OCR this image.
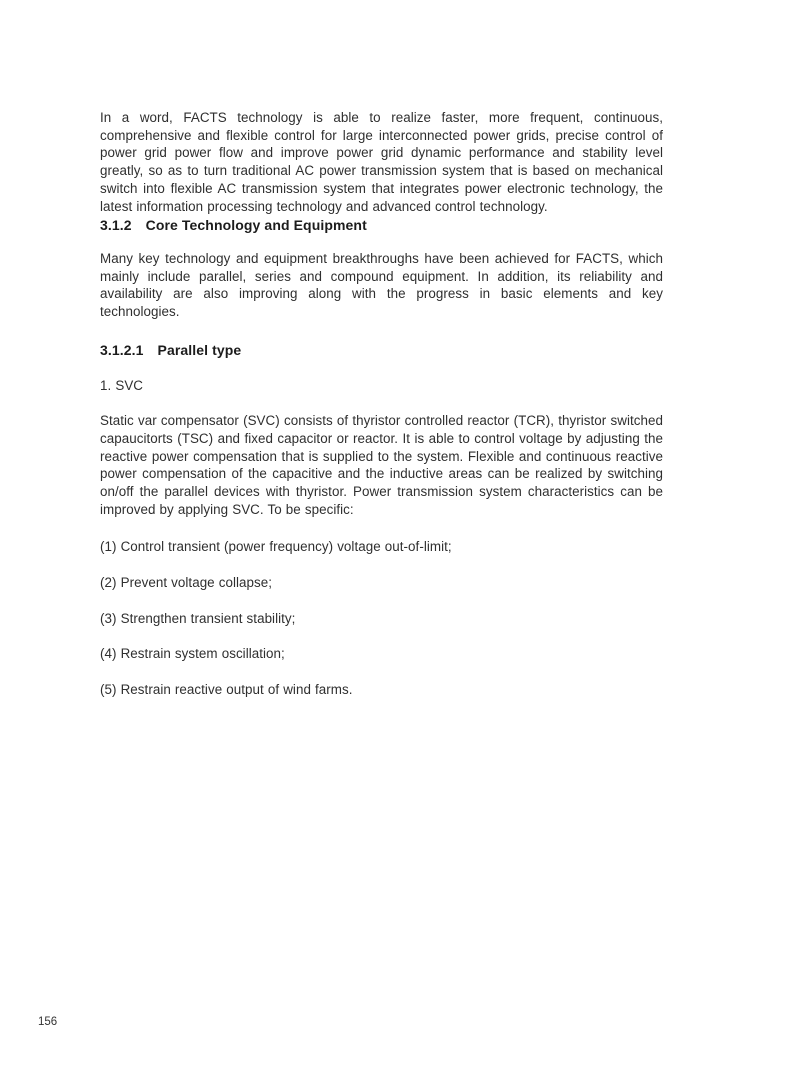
In a word, FACTS technology is able to realize faster, more frequent, continuous, comprehensive and flexible control for large interconnected power grids, precise control of power grid power flow and improve power grid dynamic performance and stability level greatly, so as to turn traditional AC power transmission system that is based on mechanical switch into flexible AC transmission system that integrates power electronic technology, the latest information processing technology and advanced control technology.

3.1.2 Core Technology and Equipment

Many key technology and equipment breakthroughs have been achieved for FACTS, which mainly include parallel, series and compound equipment. In addition, its reliability and availability are also improving along with the progress in basic elements and key technologies.

3.1.2.1 Parallel type

1. SVC

Static var compensator (SVC) consists of thyristor controlled reactor (TCR), thyristor switched capaucitorts (TSC) and fixed capacitor or reactor. It is able to control voltage by adjusting the reactive power compensation that is supplied to the system. Flexible and continuous reactive power compensation of the capacitive and the inductive areas can be realized by switching on/off the parallel devices with thyristor. Power transmission system characteristics can be improved by applying SVC. To be specific:

(1) Control transient (power frequency) voltage out-of-limit;

(2) Prevent voltage collapse;

(3) Strengthen transient stability;

(4) Restrain system oscillation;

(5) Restrain reactive output of wind farms.

156
